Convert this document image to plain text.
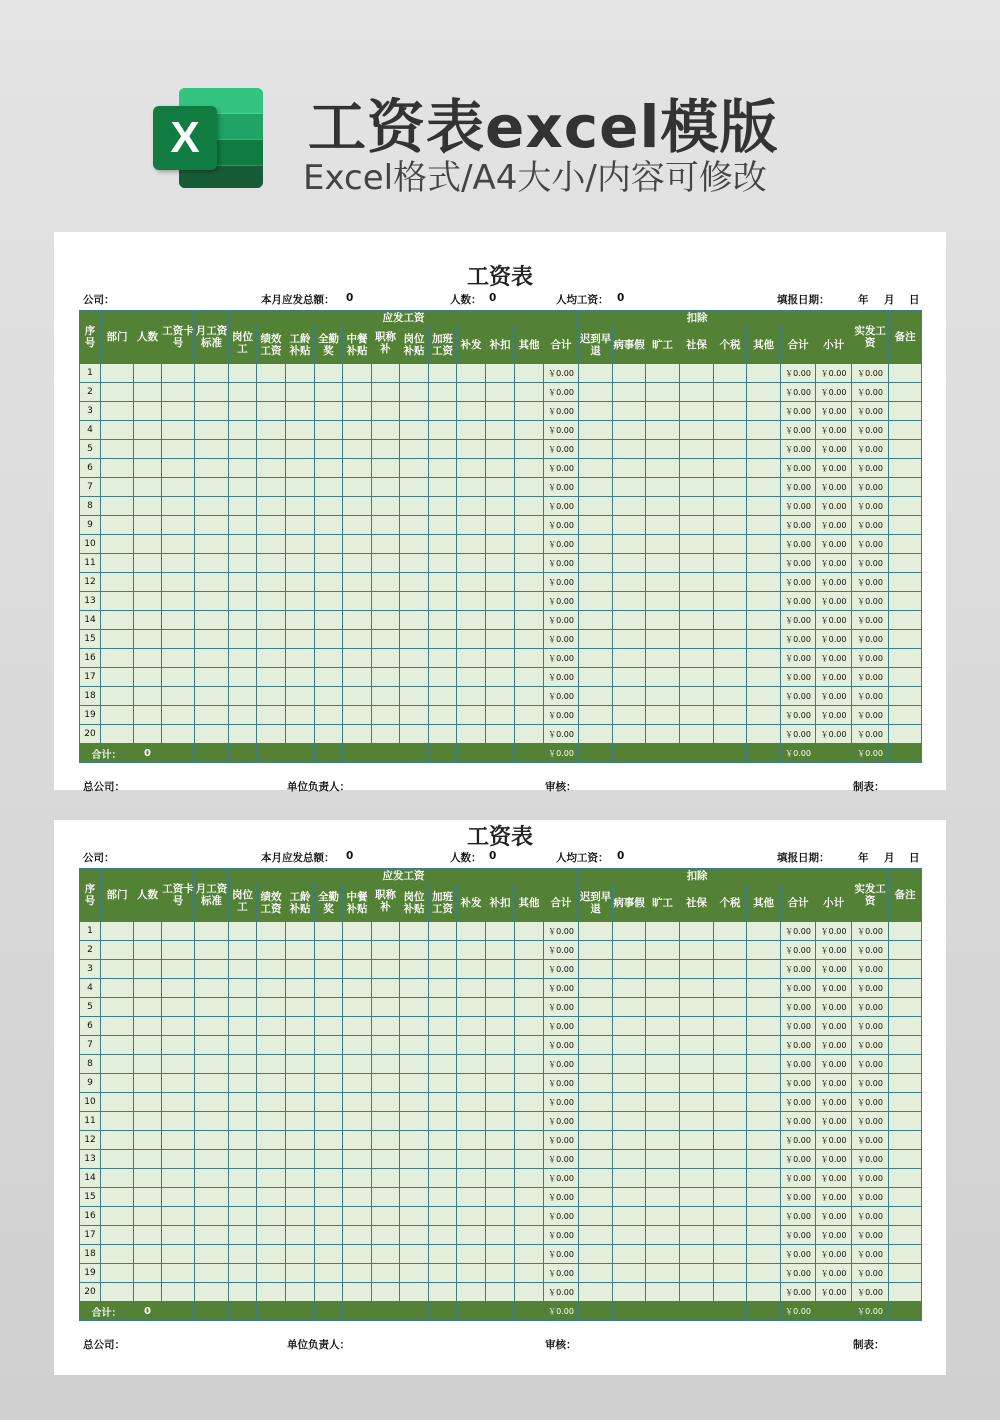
X 工资表excel模版
Excel格式/A4大小/内容可修改
工资表
公司：	本月应发总额： 0	人数： 0	人均工资： 0	填报日期：	年 月 日
序号	部门	人数	工资卡号	月工资标准	应发工资												扣除								实发工资	备注
					岗位工	绩效工资	工龄补贴	全勤奖	中餐补贴	职称补	岗位补贴	加班工资	补发	补扣	其他	合计	迟到早退	病事假	旷工	社保	个税	其他	合计	小计		
1																￥0.00							￥0.00	￥0.00	￥0.00	
2																￥0.00							￥0.00	￥0.00	￥0.00	
3																￥0.00							￥0.00	￥0.00	￥0.00	
4																￥0.00							￥0.00	￥0.00	￥0.00	
5																￥0.00							￥0.00	￥0.00	￥0.00	
6																￥0.00							￥0.00	￥0.00	￥0.00	
7																￥0.00							￥0.00	￥0.00	￥0.00	
8																￥0.00							￥0.00	￥0.00	￥0.00	
9																￥0.00							￥0.00	￥0.00	￥0.00	
10																￥0.00							￥0.00	￥0.00	￥0.00	
11																￥0.00							￥0.00	￥0.00	￥0.00	
12																￥0.00							￥0.00	￥0.00	￥0.00	
13																￥0.00							￥0.00	￥0.00	￥0.00	
14																￥0.00							￥0.00	￥0.00	￥0.00	
15																￥0.00							￥0.00	￥0.00	￥0.00	
16																￥0.00							￥0.00	￥0.00	￥0.00	
17																￥0.00							￥0.00	￥0.00	￥0.00	
18																￥0.00							￥0.00	￥0.00	￥0.00	
19																￥0.00							￥0.00	￥0.00	￥0.00	
20																￥0.00							￥0.00	￥0.00	￥0.00	
合计：		0														￥0.00							￥0.00		￥0.00	
总公司：	单位负责人：	审核：	制表：
工资表
公司：	本月应发总额： 0	人数： 0	人均工资： 0	填报日期：	年 月 日
序号	部门	人数	工资卡号	月工资标准	应发工资												扣除								实发工资	备注
					岗位工	绩效工资	工龄补贴	全勤奖	中餐补贴	职称补	岗位补贴	加班工资	补发	补扣	其他	合计	迟到早退	病事假	旷工	社保	个税	其他	合计	小计		
1																￥0.00							￥0.00	￥0.00	￥0.00	
2																￥0.00							￥0.00	￥0.00	￥0.00	
3																￥0.00							￥0.00	￥0.00	￥0.00	
4																￥0.00							￥0.00	￥0.00	￥0.00	
5																￥0.00							￥0.00	￥0.00	￥0.00	
6																￥0.00							￥0.00	￥0.00	￥0.00	
7																￥0.00							￥0.00	￥0.00	￥0.00	
8																￥0.00							￥0.00	￥0.00	￥0.00	
9																￥0.00							￥0.00	￥0.00	￥0.00	
10																￥0.00							￥0.00	￥0.00	￥0.00	
11																￥0.00							￥0.00	￥0.00	￥0.00	
12																￥0.00							￥0.00	￥0.00	￥0.00	
13																￥0.00							￥0.00	￥0.00	￥0.00	
14																￥0.00							￥0.00	￥0.00	￥0.00	
15																￥0.00							￥0.00	￥0.00	￥0.00	
16																￥0.00							￥0.00	￥0.00	￥0.00	
17																￥0.00							￥0.00	￥0.00	￥0.00	
18																￥0.00							￥0.00	￥0.00	￥0.00	
19																￥0.00							￥0.00	￥0.00	￥0.00	
20																￥0.00							￥0.00	￥0.00	￥0.00	
合计：		0														￥0.00							￥0.00		￥0.00	
总公司：	单位负责人：	审核：	制表：
